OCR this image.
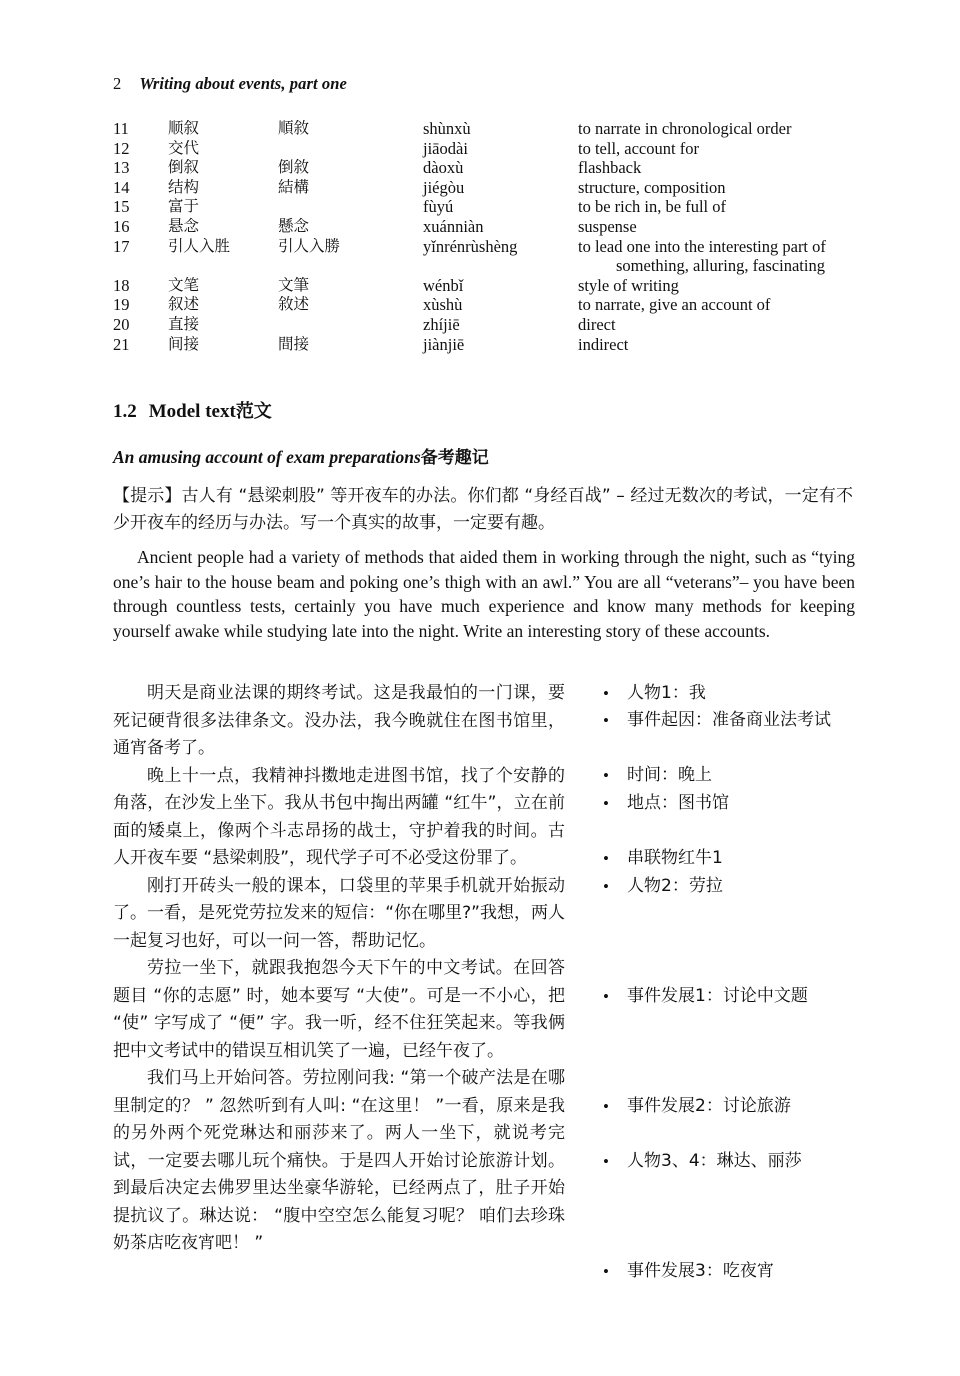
2 Writing about events, part one
11	顺叙	順敘	shùnxù	to narrate in chronological order
12	交代		jiāodài	to tell, account for
13	倒叙	倒敘	dàoxù	flashback
14	结构	結構	jiégòu	structure, composition
15	富于		fùyú	to be rich in, be full of
16	悬念	懸念	xuánniàn	suspense
17	引人入胜	引人入勝	yǐnrénrùshèng	to lead one into the interesting part of
something, alluring, fascinating

18	文笔	文筆	wénbǐ	style of writing
19	叙述	敘述	xùshù	to narrate, give an account of
20	直接		zhíjiē	direct
21	间接	間接	jiànjiē	indirect
1.2 Model text范文
An amusing account of exam preparations备考趣记
【提示】古人有 “悬梁刺股” 等开夜车的办法。你们都 “身经百战” – 经过无数次的考试，一定有不少开夜车的经历与办法。写一个真实的故事，一定要有趣。
Ancient people had a variety of methods that aided them in working through the night, such as “tying one’s hair to the house beam and poking one’s thigh with an awl.” You are all “veterans”– you have been through countless tests, certainly you have much experience and know many methods for keeping yourself awake while studying late into the night. Write an interesting story of these accounts.

明天是商业法课的期终考试。这是我最怕的一门课，要死记硬背很多法律条文。没办法，我今晚就住在图书馆里，通宵备考了。

晚上十一点，我精神抖擞地走进图书馆，找了个安静的角落，在沙发上坐下。我从书包中掏出两罐 “红牛”，立在前面的矮桌上，像两个斗志昂扬的战士，守护着我的时间。古人开夜车要 “悬梁刺股”，现代学子可不必受这份罪了。

刚打开砖头一般的课本，口袋里的苹果手机就开始振动了。一看，是死党劳拉发来的短信：“你在哪里?”我想，两人一起复习也好，可以一问一答，帮助记忆。

劳拉一坐下，就跟我抱怨今天下午的中文考试。在回答题目 “你的志愿” 时，她本要写 “大使”。可是一不小心，把 “使” 字写成了 “便” 字。我一听，经不住狂笑起来。等我俩把中文考试中的错误互相讥笑了一遍，已经午夜了。

我们马上开始问答。劳拉刚问我: “第一个破产法是在哪里制定的？ ” 忽然听到有人叫: “在这里！ ”一看，原来是我的另外两个死党琳达和丽莎来了。两人一坐下，就说考完试，一定要去哪儿玩个痛快。于是四人开始讨论旅游计划。到最后决定去佛罗里达坐豪华游轮，已经两点了，肚子开始提抗议了。琳达说： “腹中空空怎么能复习呢？ 咱们去珍珠奶茶店吃夜宵吧！ ”

•	人物1：我
•	事件起因：准备商业法考试
•	时间：晚上
•	地点：图书馆
•	串联物红牛1
•	人物2：劳拉
•	事件发展1：讨论中文题
•	事件发展2：讨论旅游
•	人物3、4：琳达、丽莎
•	事件发展3：吃夜宵
